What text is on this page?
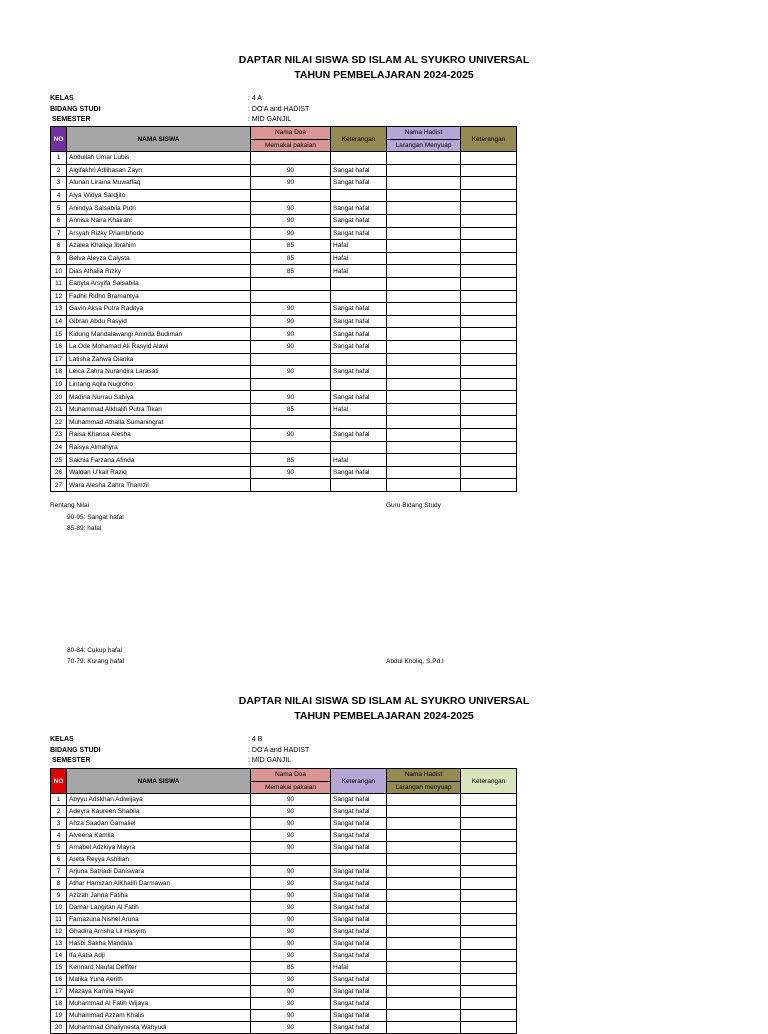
DAPTAR NILAI SISWA SD ISLAM AL SYUKRO UNIVERSAL
TAHUN PEMBELAJARAN 2024-2025
KELAS	: 4 A
BIDANG STUDI	: DO'A and HADIST
SEMESTER	: MID GANJIL
NO	NAMA SISWA	Nama Doa	Keterangan	Nama Hadist	Keterangan
		Memakai pakaian		Larangan Menyuap	
1	Abdullah Umar Lubis				
2	Algifakhri Adlihasan Zayn	90	Sangat hafal		
3	Alunan Liraina Muwaffaq	90	Sangat hafal		
4	Alya Widya Sardjito				
5	Anindya Salsabila Putri	90	Sangat hafal		
6	Annisa Naira Khairani	90	Sangat hafal		
7	Arsyah Rizky Priambhodo	90	Sangat hafal		
8	Azalea Khaliqa Ibrahim	85	Hafal		
9	Belva Aleyza Calysta	85	Hafal		
10	Dias Athalla Rizky	85	Hafal		
11	Earlyta Arsyifa Salsabila				
12	Fadhil Ridho Bramantya				
13	Gavin Aksa Putra Raditya	90	Sangat hafal		
14	Gibran Abdu Rasyid	90	Sangat hafal		
15	Kidung Mandalawangi Aninda Budiman	90	Sangat hafal		
16	La Ode Mohamad Ali Rasyid Alawi	90	Sangat hafal		
17	Latisha Zahwa Dianka				
18	Leica Zahra Nurandira Larasati	90	Sangat hafal		
19	Lintang Aqila Nugroho				
20	Madina Nurrau Sabiya	90	Sangat hafal		
21	Muhammad Alkhalifi Putra Tikari	85	Hafal		
22	Muhammad Athalla Sumaningrat				
23	Raisa Khansa Alesha	90	Sangat hafal		
24	Raisya Almahyra				
25	Sakhia Farzana Afinda	85	Hafal		
26	Waldan U'kail Raziq	90	Sangat hafal		
27	Wara Alesha Zahra Thamzil				
Rentang Nilai
90-95: Sangat hafal
85-89: hafal
Guru Bidang Study
80-84: Cukup hafal
70-79: Kurang hafal	Abdul Kholiq, S.Pd.I
DAPTAR NILAI SISWA SD ISLAM AL SYUKRO UNIVERSAL
TAHUN PEMBELAJARAN 2024-2025
KELAS	: 4 B
BIDANG STUDI	: DO'A and HADIST
SEMESTER	: MID GANJIL
NO	NAMA SISWA	Nama Doa	Keterangan	Nama Hadist	Keterangan
		Memakai pakaian		Larangan menyuap	
1	Abyyu Adskhan Adiwijaya	90	Sangat hafal		
2	Adeyra Kaureen Shabila	90	Sangat hafal		
3	Ahza Saadan Gamaliel	90	Sangat hafal		
4	Alveena Kamila	90	Sangat hafal		
5	Amabel Adzkiya Mayra	90	Sangat hafal		
6	Areta Reyya Ashillah				
7	Arjuna Satriadi Daniswara	90	Sangat hafal		
8	Athar Hamizan AlKhalifi Darmawan	90	Sangat hafal		
9	Azizah Janna Fatiha	90	Sangat hafal		
10	Damar Langitan Al Fatih	90	Sangat hafal		
11	Farnazuna Nishel Aruna	90	Sangat hafal		
12	Ghadira Arrisha Lil Hasyim	90	Sangat hafal		
13	Hasbi Sakha Mandala	90	Sangat hafal		
14	Ifa Aatia Adji	90	Sangat hafal		
15	Kennard Naufal Deffiter	85	Hafal		
16	Malika Yuna Aerith	90	Sangat hafal		
17	Mazaya Kamila Hayati	90	Sangat hafal		
18	Muhammad Al Fatih Wijaya	90	Sangat hafal		
19	Muhammad Azzam Khalis	90	Sangat hafal		
20	Muhammad Ghaliynesta Wahyudi	90	Sangat hafal		
